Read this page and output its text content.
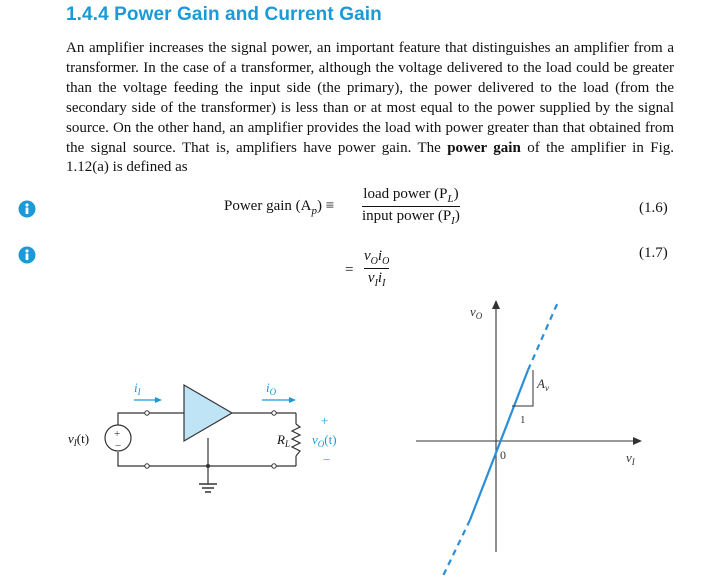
1.4.4 Power Gain and Current Gain

An amplifier increases the signal power, an important feature that distinguishes an amplifier from a transformer. In the case of a transformer, although the voltage delivered to the load could be greater than the voltage feeding the input side (the primary), the power delivered to the load (from the secondary side of the transformer) is less than or at most equal to the power supplied by the signal source. On the other hand, an amplifier provides the load with power greater than that obtained from the signal source. That is, amplifiers have power gain. The power gain of the amplifier in Fig. 1.12(a) is defined as

Power gain $(A_p)$ ≡
load power $(P_L)$
input power $(P_I)$	(1.6)
=
$v_Oi_O$
$v_Ii_I$
(1.7)
+
−
$i_I$	$i_O$
$v_I(t)$	$R_L$
+
$v_O(t)$
−
$v_O$
$v_I$
0
$A_v$
1
